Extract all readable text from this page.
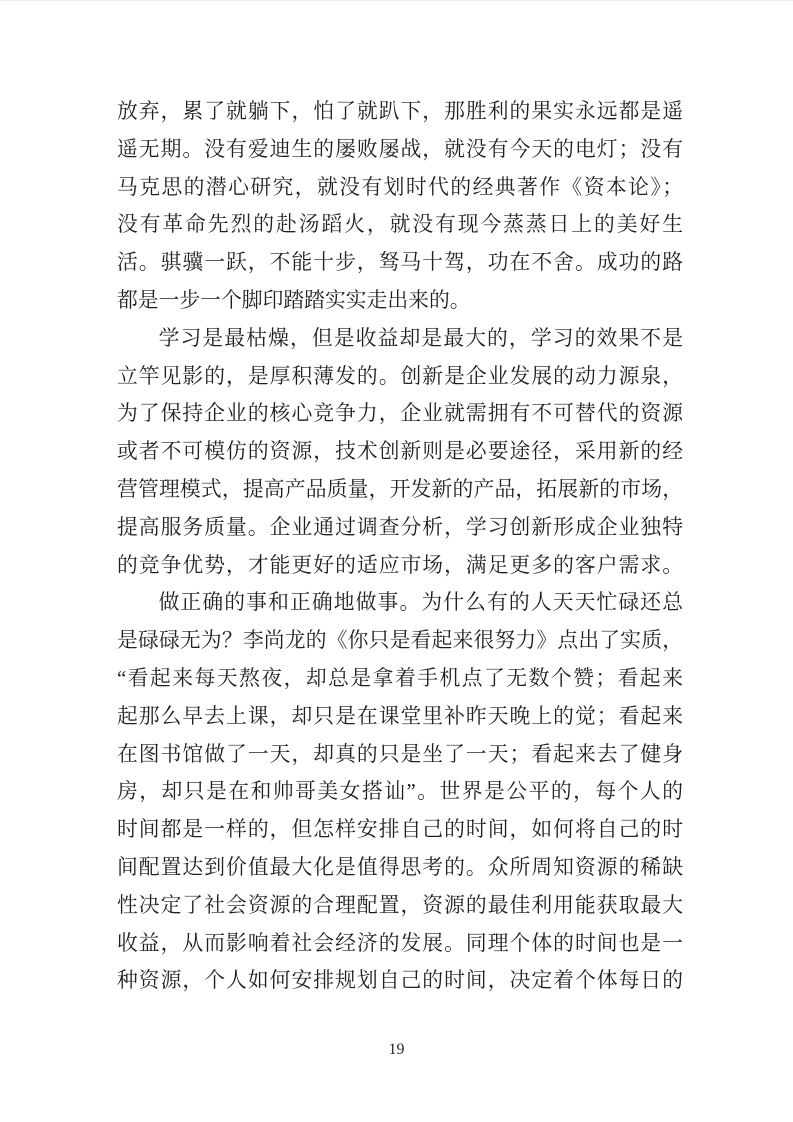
放弃，累了就躺下，怕了就趴下，那胜利的果实永远都是遥
遥无期。没有爱迪生的屡败屡战，就没有今天的电灯；没有
马克思的潜心研究，就没有划时代的经典著作《资本论》；
没有革命先烈的赴汤蹈火，就没有现今蒸蒸日上的美好生
活。骐骥一跃，不能十步，驽马十驾，功在不舍。成功的路
都是一步一个脚印踏踏实实走出来的。
学习是最枯燥，但是收益却是最大的，学习的效果不是
立竿见影的，是厚积薄发的。创新是企业发展的动力源泉，
为了保持企业的核心竞争力，企业就需拥有不可替代的资源
或者不可模仿的资源，技术创新则是必要途径，采用新的经
营管理模式，提高产品质量，开发新的产品，拓展新的市场，
提高服务质量。企业通过调查分析，学习创新形成企业独特
的竞争优势，才能更好的适应市场，满足更多的客户需求。
做正确的事和正确地做事。为什么有的人天天忙碌还总
是碌碌无为？李尚龙的《你只是看起来很努力》点出了实质，
“看起来每天熬夜，却总是拿着手机点了无数个赞；看起来
起那么早去上课，却只是在课堂里补昨天晚上的觉；看起来
在图书馆做了一天，却真的只是坐了一天；看起来去了健身
房，却只是在和帅哥美女搭讪”。世界是公平的，每个人的
时间都是一样的，但怎样安排自己的时间，如何将自己的时
间配置达到价值最大化是值得思考的。众所周知资源的稀缺
性决定了社会资源的合理配置，资源的最佳利用能获取最大
收益，从而影响着社会经济的发展。同理个体的时间也是一
种资源，个人如何安排规划自己的时间，决定着个体每日的
19
